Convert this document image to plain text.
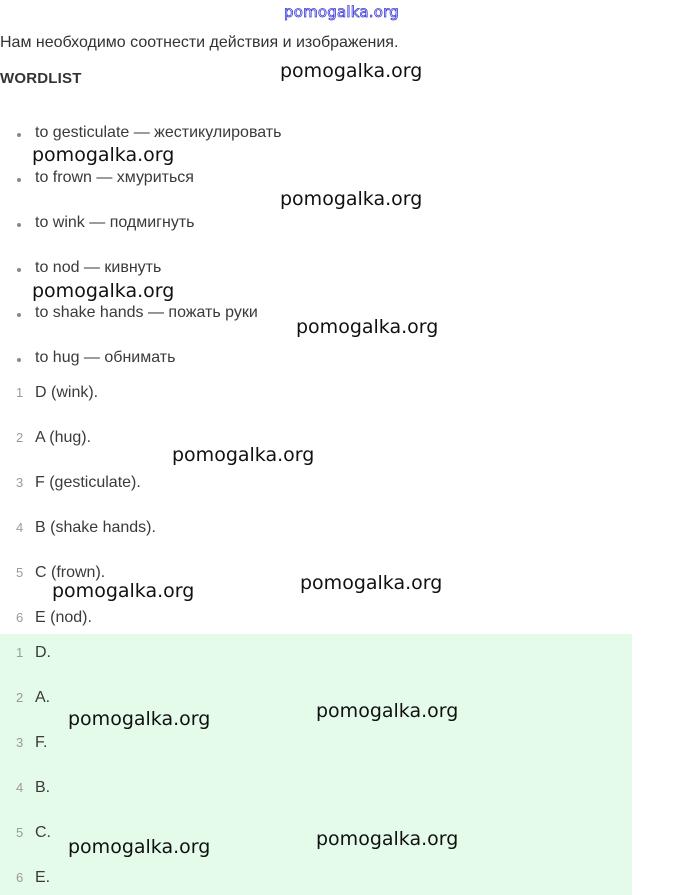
pomogalka.org
Нам необходимо соотнести действия и изображения.
WORDLIST
to gesticulate — жестикулировать
to frown — хмуриться
to wink — подмигнуть
to nod — кивнуть
to shake hands — пожать руки
to hug — обнимать
1 D (wink).
2 A (hug).
3 F (gesticulate).
4 B (shake hands).
5 C (frown).
6 E (nod).
1 D.
2 A.
3 F.
4 B.
5 C.
6 E.
pomogalka.org
pomogalka.org
pomogalka.org
pomogalka.org
pomogalka.org
pomogalka.org
pomogalka.org
pomogalka.org
pomogalka.org
pomogalka.org
pomogalka.org
pomogalka.org
